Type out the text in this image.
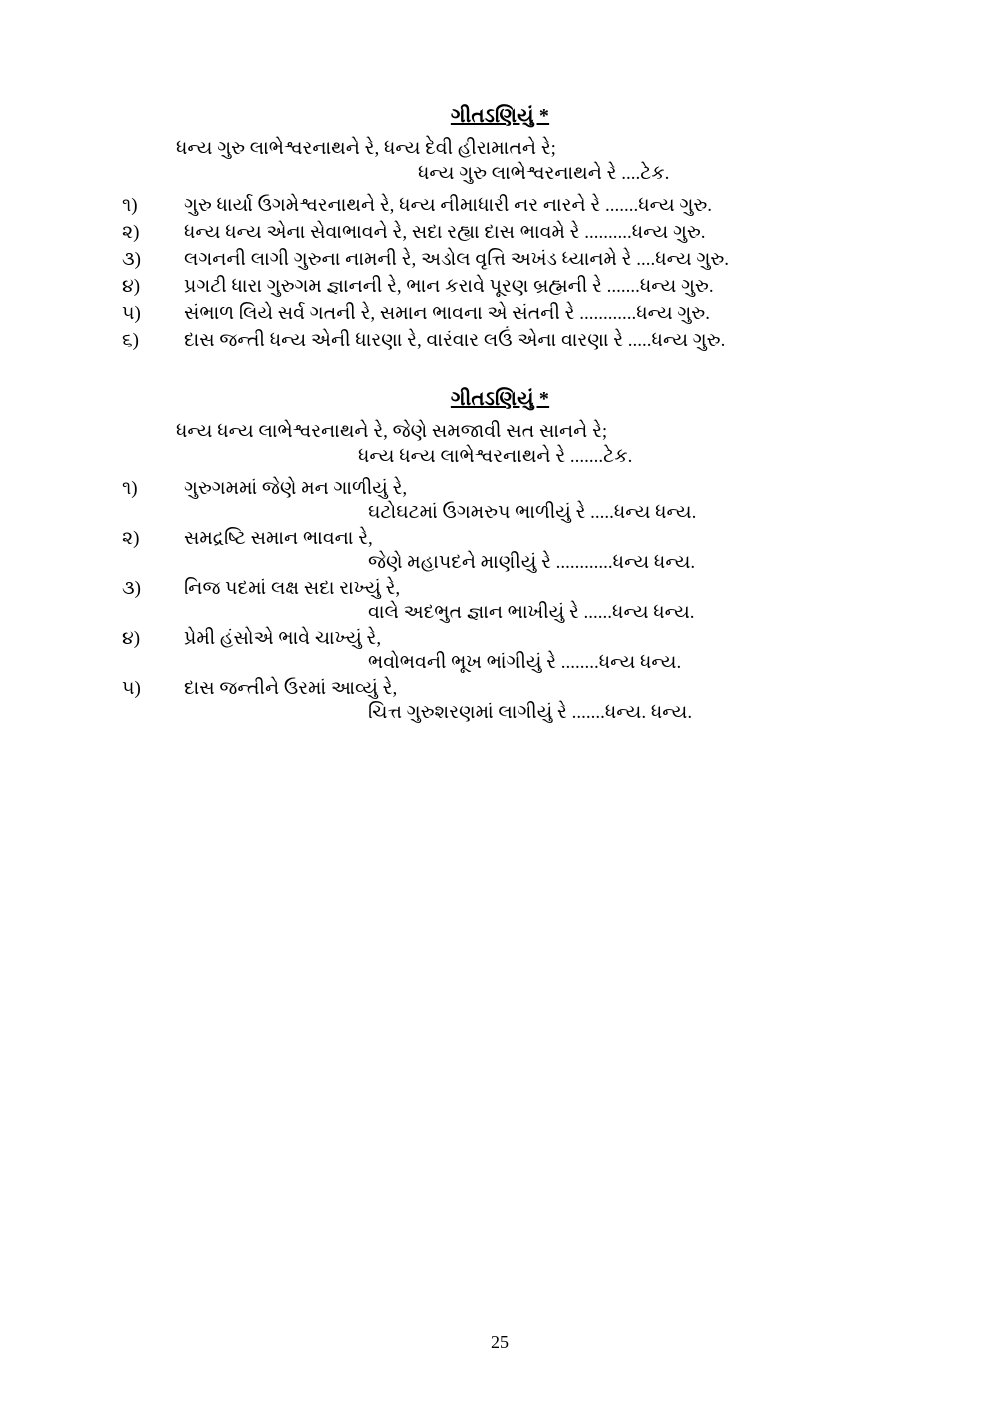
ગીતઽણિયું *
ધન્ય ગુરુ લાભેશ્વરનાથને રે, ધન્ય દેવી હીરામાતને રે;
ધન્ય ગુરુ લાભેશ્વરનાથને રે ....ટેક.
૧)	ગુરુ ધાર્યા ઉગમેશ્વરનાથને રે, ધન્ય નીમાધારી નર નારને રે .......ધન્ય ગુરુ.
૨)	ધન્ય ધન્ય એના સેવાભાવને રે, સદા રહ્યા દાસ ભાવમે રે ..........ધન્ય ગુરુ.
૩)	લગનની લાગી ગુરુના નામની રે, અડોલ વૃત્તિ અખંડ ધ્યાનમે રે ....ધન્ય ગુરુ.
૪)	પ્રગટી ધારા ગુરુગમ જ્ઞાનની રે, ભાન કરાવે પૂરણ બ્રહ્મની રે .......ધન્ય ગુરુ.
૫)	સંભાળ લિયે સર્વ ગતની રે, સમાન ભાવના એ સંતની રે ............ધન્ય ગુરુ.
૬)	દાસ જન્તી ધન્ય એની ધારણા રે, વારંવાર લઉં એના વારણા રે .....ધન્ય ગુરુ.
ગીતઽણિયું *
ધન્ય ધન્ય લાભેશ્વરનાથને રે, જેણે સમજાવી સત સાનને રે;
ધન્ય ધન્ય લાભેશ્વરનાથને રે .......ટેક.
૧)	ગુરુગમમાં જેણે મન ગાળીયું રે,
ઘટોઘટમાં ઉગમરુપ ભાળીયું રે .....ધન્ય ધન્ય.
૨)	સમદ્રષ્ટિ સમાન ભાવના રે,
જેણે મહાપદને માણીયું રે ............ધન્ય ધન્ય.
૩)	નિજ પદમાં લક્ષ સદા રાખ્યું રે,
વાલે અદભુત જ્ઞાન ભાખીયું રે ......ધન્ય ધન્ય.
૪)	પ્રેમી હંસોએ ભાવે ચાખ્યું રે,
ભવોભવની ભૂખ ભાંગીયું રે ........ધન્ય ધન્ય.
૫)	દાસ જન્તીને ઉરમાં આવ્યું રે,
ચિત્ત ગુરુશરણમાં લાગીયું રે .......ધન્ય. ધન્ય.
25
